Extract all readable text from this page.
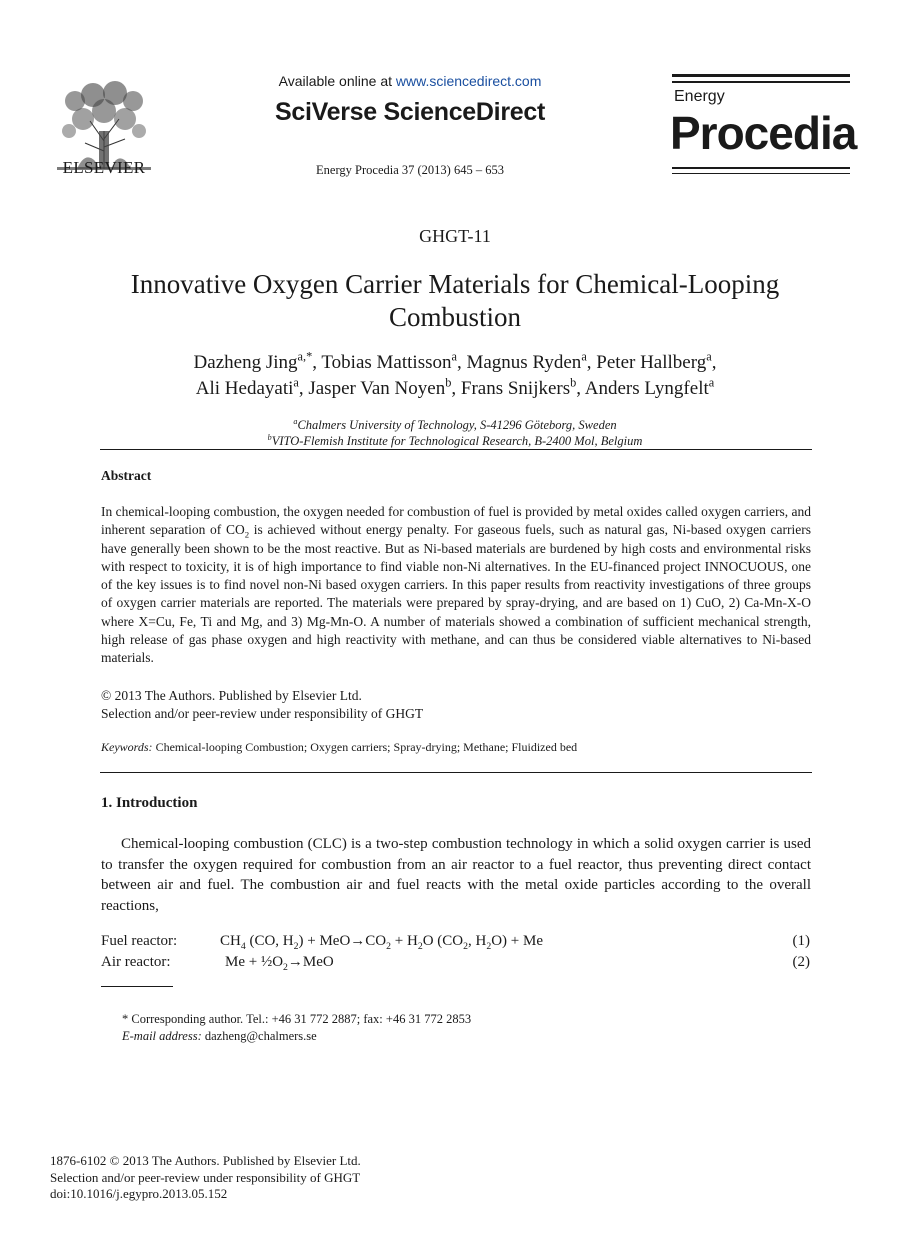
ELSEVIER
Available online at www.sciencedirect.com
SciVerse ScienceDirect
Energy Procedia 37 (2013) 645 – 653
Energy
Procedia
GHGT-11
Innovative Oxygen Carrier Materials for Chemical-Looping Combustion
Dazheng Jing$^{a,*}$, Tobias Mattisson$^a$, Magnus Ryden$^a$, Peter Hallberg$^a$,
Ali Hedayati$^a$, Jasper Van Noyen$^b$, Frans Snijkers$^b$, Anders Lyngfelt$^a$
$^a$Chalmers University of Technology, S-41296 Göteborg, Sweden
$^b$VITO-Flemish Institute for Technological Research, B-2400 Mol, Belgium
Abstract
In chemical-looping combustion, the oxygen needed for combustion of fuel is provided by metal oxides called oxygen carriers, and inherent separation of $CO_2$ is achieved without energy penalty. For gaseous fuels, such as natural gas, Ni-based oxygen carriers have generally been shown to be the most reactive. But as Ni-based materials are burdened by high costs and environmental risks with respect to toxicity, it is of high importance to find viable non-Ni alternatives. In the EU-financed project INNOCUOUS, one of the key issues is to find novel non-Ni based oxygen carriers. In this paper results from reactivity investigations of three groups of oxygen carrier materials are reported. The materials were prepared by spray-drying, and are based on 1) CuO, 2) Ca-Mn-X-O where X=Cu, Fe, Ti and Mg, and 3) Mg-Mn-O. A number of materials showed a combination of sufficient mechanical strength, high release of gas phase oxygen and high reactivity with methane, and can thus be considered viable alternatives to Ni-based materials.
© 2013 The Authors. Published by Elsevier Ltd.
Selection and/or peer-review under responsibility of GHGT
Keywords: Chemical-looping Combustion; Oxygen carriers; Spray-drying; Methane; Fluidized bed
1. Introduction
Chemical-looping combustion (CLC) is a two-step combustion technology in which a solid oxygen carrier is used to transfer the oxygen required for combustion from an air reactor to a fuel reactor, thus preventing direct contact between air and fuel. The combustion air and fuel reacts with the metal oxide particles according to the overall reactions,
Fuel reactor:	$CH_4$ (CO, $H_2) + MeO\to CO_2 + H_2O$ ($CO_2$, $H_2O) + Me$	(1)
Air reactor:	$Me + \frac{1}{2}O_2\to MeO$	(2)
* Corresponding author. Tel.: +46 31 772 2887; fax: +46 31 772 2853
E-mail address: dazheng@chalmers.se
1876-6102 © 2013 The Authors. Published by Elsevier Ltd.
Selection and/or peer-review under responsibility of GHGT
doi:10.1016/j.egypro.2013.05.152
